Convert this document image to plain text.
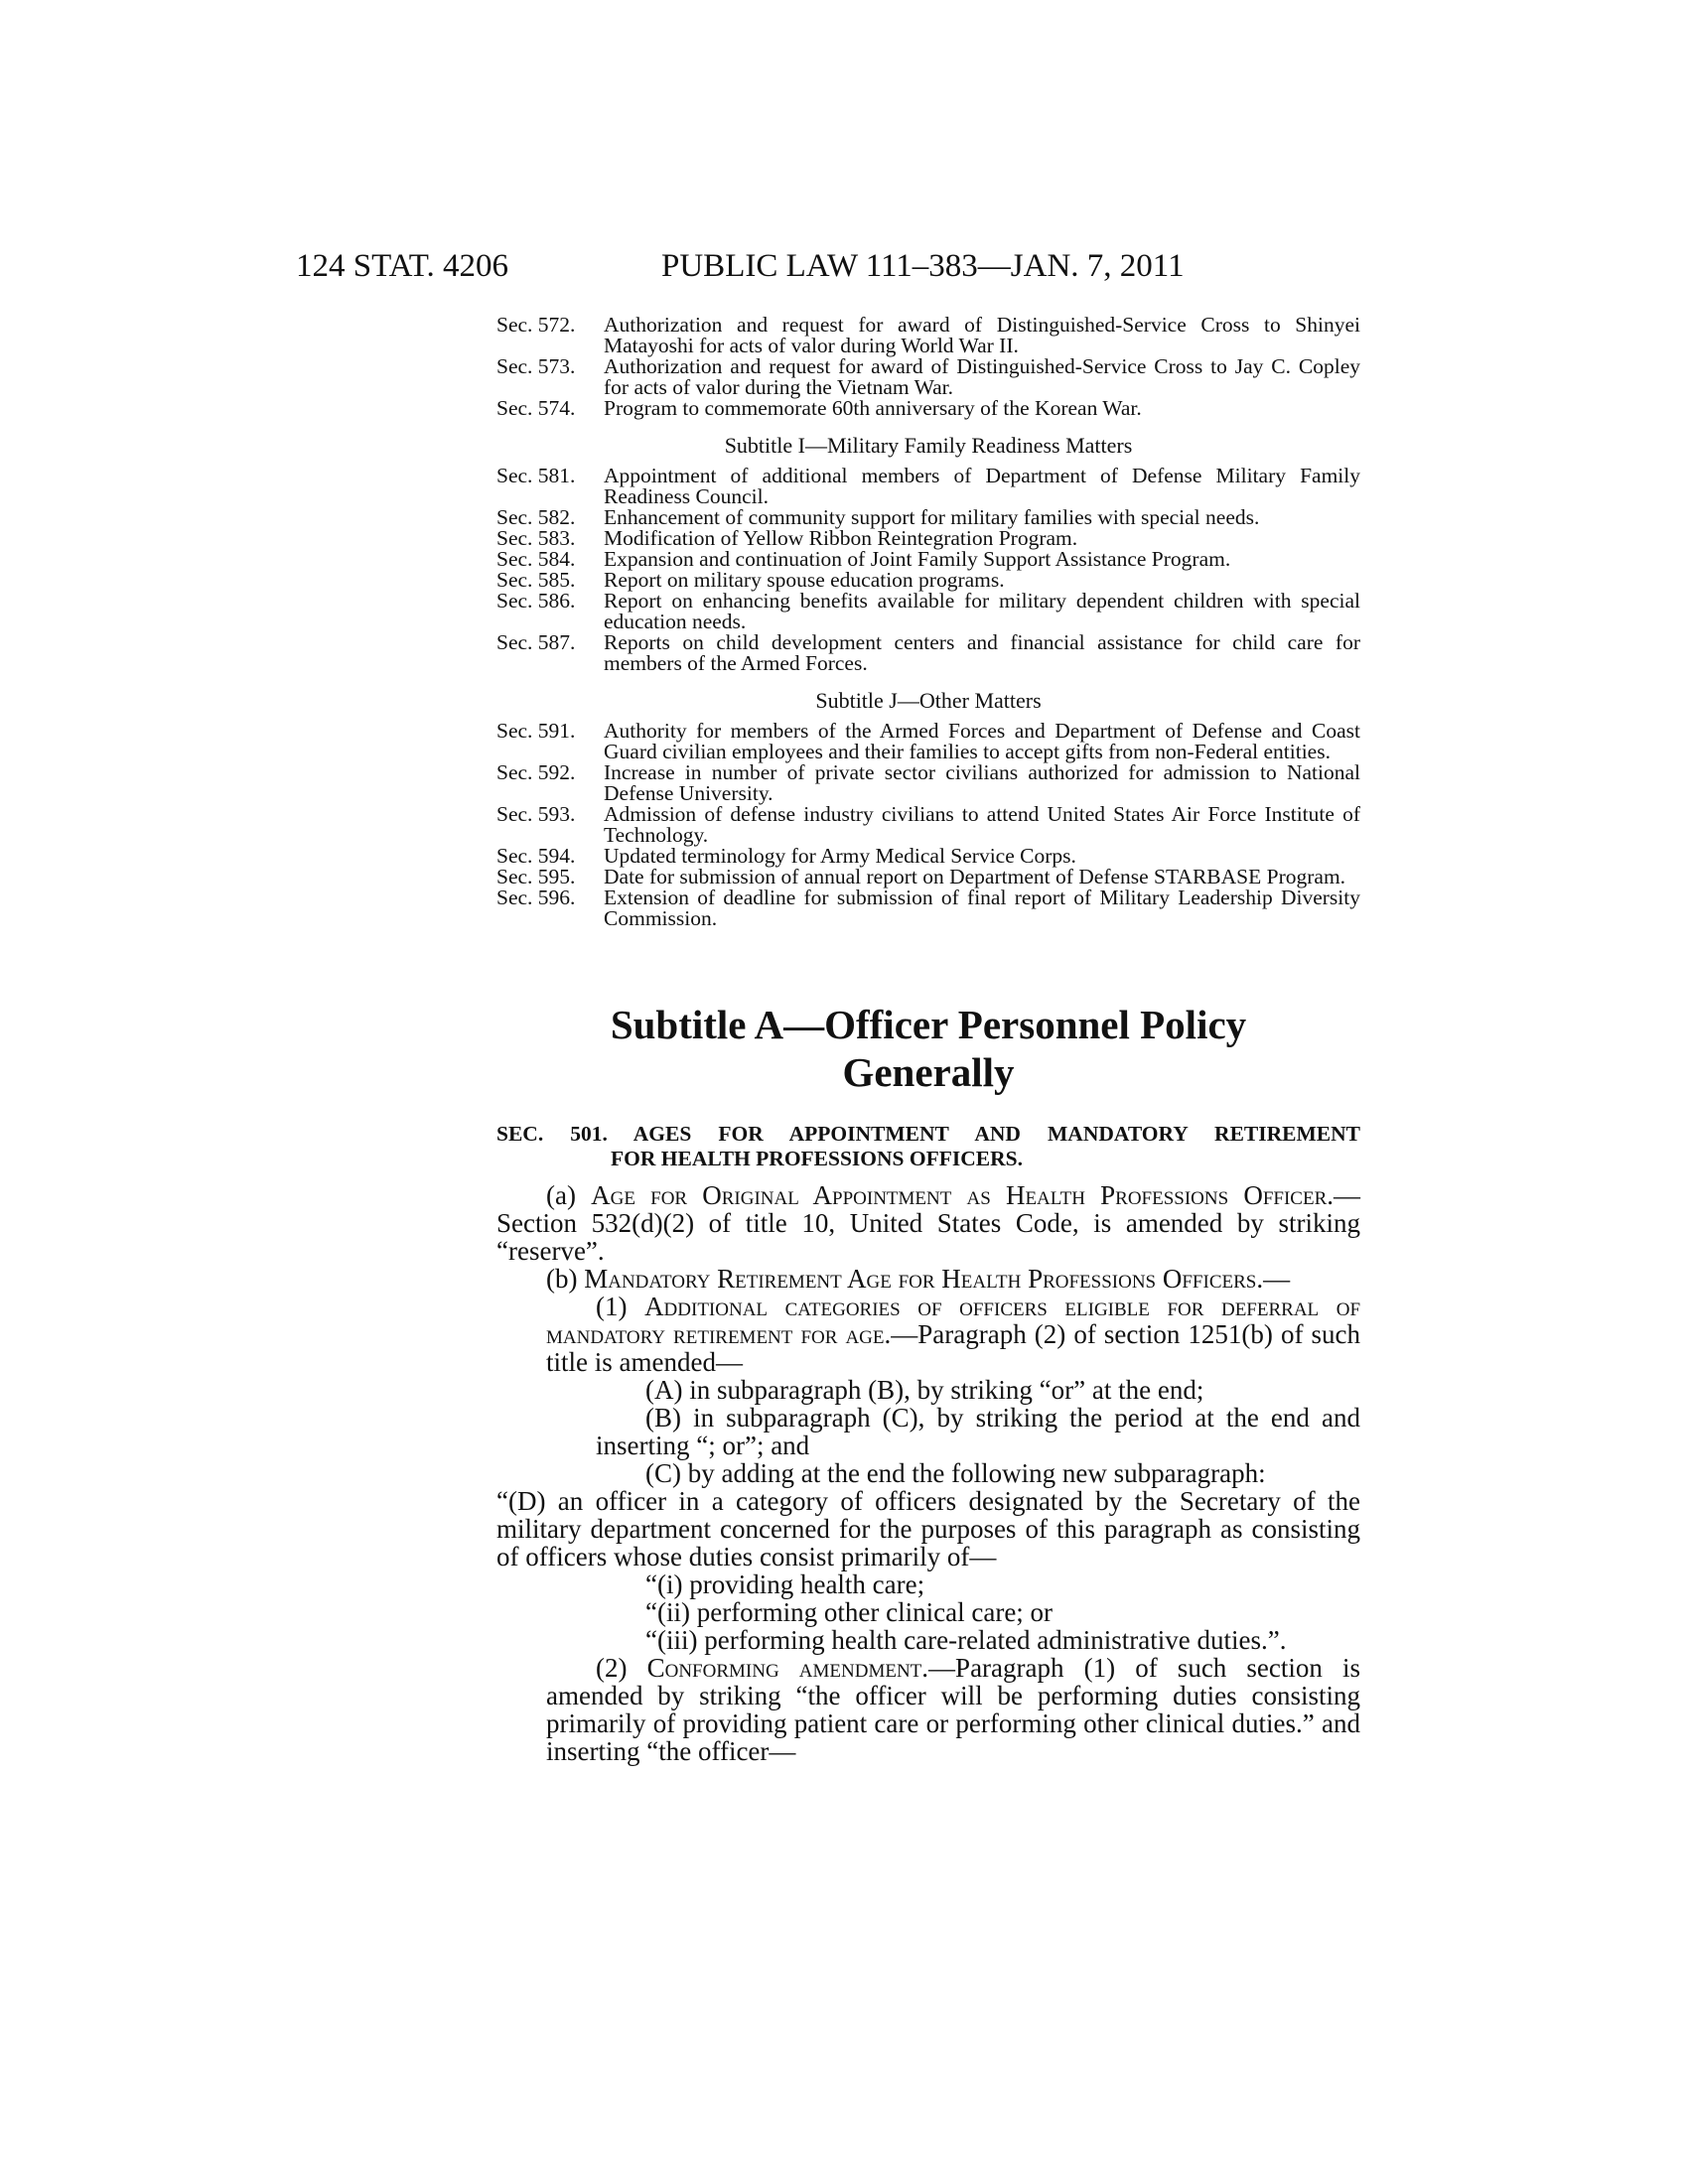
124 STAT. 4206	PUBLIC LAW 111–383—JAN. 7, 2011
Sec. 572.	Authorization and request for award of Distinguished-Service Cross to Shinyei Matayoshi for acts of valor during World War II.
Sec. 573.	Authorization and request for award of Distinguished-Service Cross to Jay C. Copley for acts of valor during the Vietnam War.
Sec. 574.	Program to commemorate 60th anniversary of the Korean War.
Subtitle I—Military Family Readiness Matters
Sec. 581.	Appointment of additional members of Department of Defense Military Family Readiness Council.
Sec. 582.	Enhancement of community support for military families with special needs.
Sec. 583.	Modification of Yellow Ribbon Reintegration Program.
Sec. 584.	Expansion and continuation of Joint Family Support Assistance Program.
Sec. 585.	Report on military spouse education programs.
Sec. 586.	Report on enhancing benefits available for military dependent children with special education needs.
Sec. 587.	Reports on child development centers and financial assistance for child care for members of the Armed Forces.
Subtitle J—Other Matters
Sec. 591.	Authority for members of the Armed Forces and Department of Defense and Coast Guard civilian employees and their families to accept gifts from non-Federal entities.
Sec. 592.	Increase in number of private sector civilians authorized for admission to National Defense University.
Sec. 593.	Admission of defense industry civilians to attend United States Air Force Institute of Technology.
Sec. 594.	Updated terminology for Army Medical Service Corps.
Sec. 595.	Date for submission of annual report on Department of Defense STARBASE Program.
Sec. 596.	Extension of deadline for submission of final report of Military Leadership Diversity Commission.
Subtitle A—Officer Personnel Policy
Generally
SEC. 501. AGES FOR APPOINTMENT AND MANDATORY RETIREMENT
FOR HEALTH PROFESSIONS OFFICERS.

(a) Age for Original Appointment as Health Professions Officer.—Section 532(d)(2) of title 10, United States Code, is amended by striking “reserve”.

(b) Mandatory Retirement Age for Health Professions Officers.—

(1) Additional categories of officers eligible for deferral of mandatory retirement for age.—Paragraph (2) of section 1251(b) of such title is amended—

(A) in subparagraph (B), by striking “or” at the end;

(B) in subparagraph (C), by striking the period at the end and inserting “; or”; and

(C) by adding at the end the following new subparagraph:

“(D) an officer in a category of officers designated by the Secretary of the military department concerned for the purposes of this paragraph as consisting of officers whose duties consist primarily of—

“(i) providing health care;

“(ii) performing other clinical care; or

“(iii) performing health care-related administrative duties.”.

(2) Conforming amendment.—Paragraph (1) of such section is amended by striking “the officer will be performing duties consisting primarily of providing patient care or performing other clinical duties.” and inserting “the officer—
